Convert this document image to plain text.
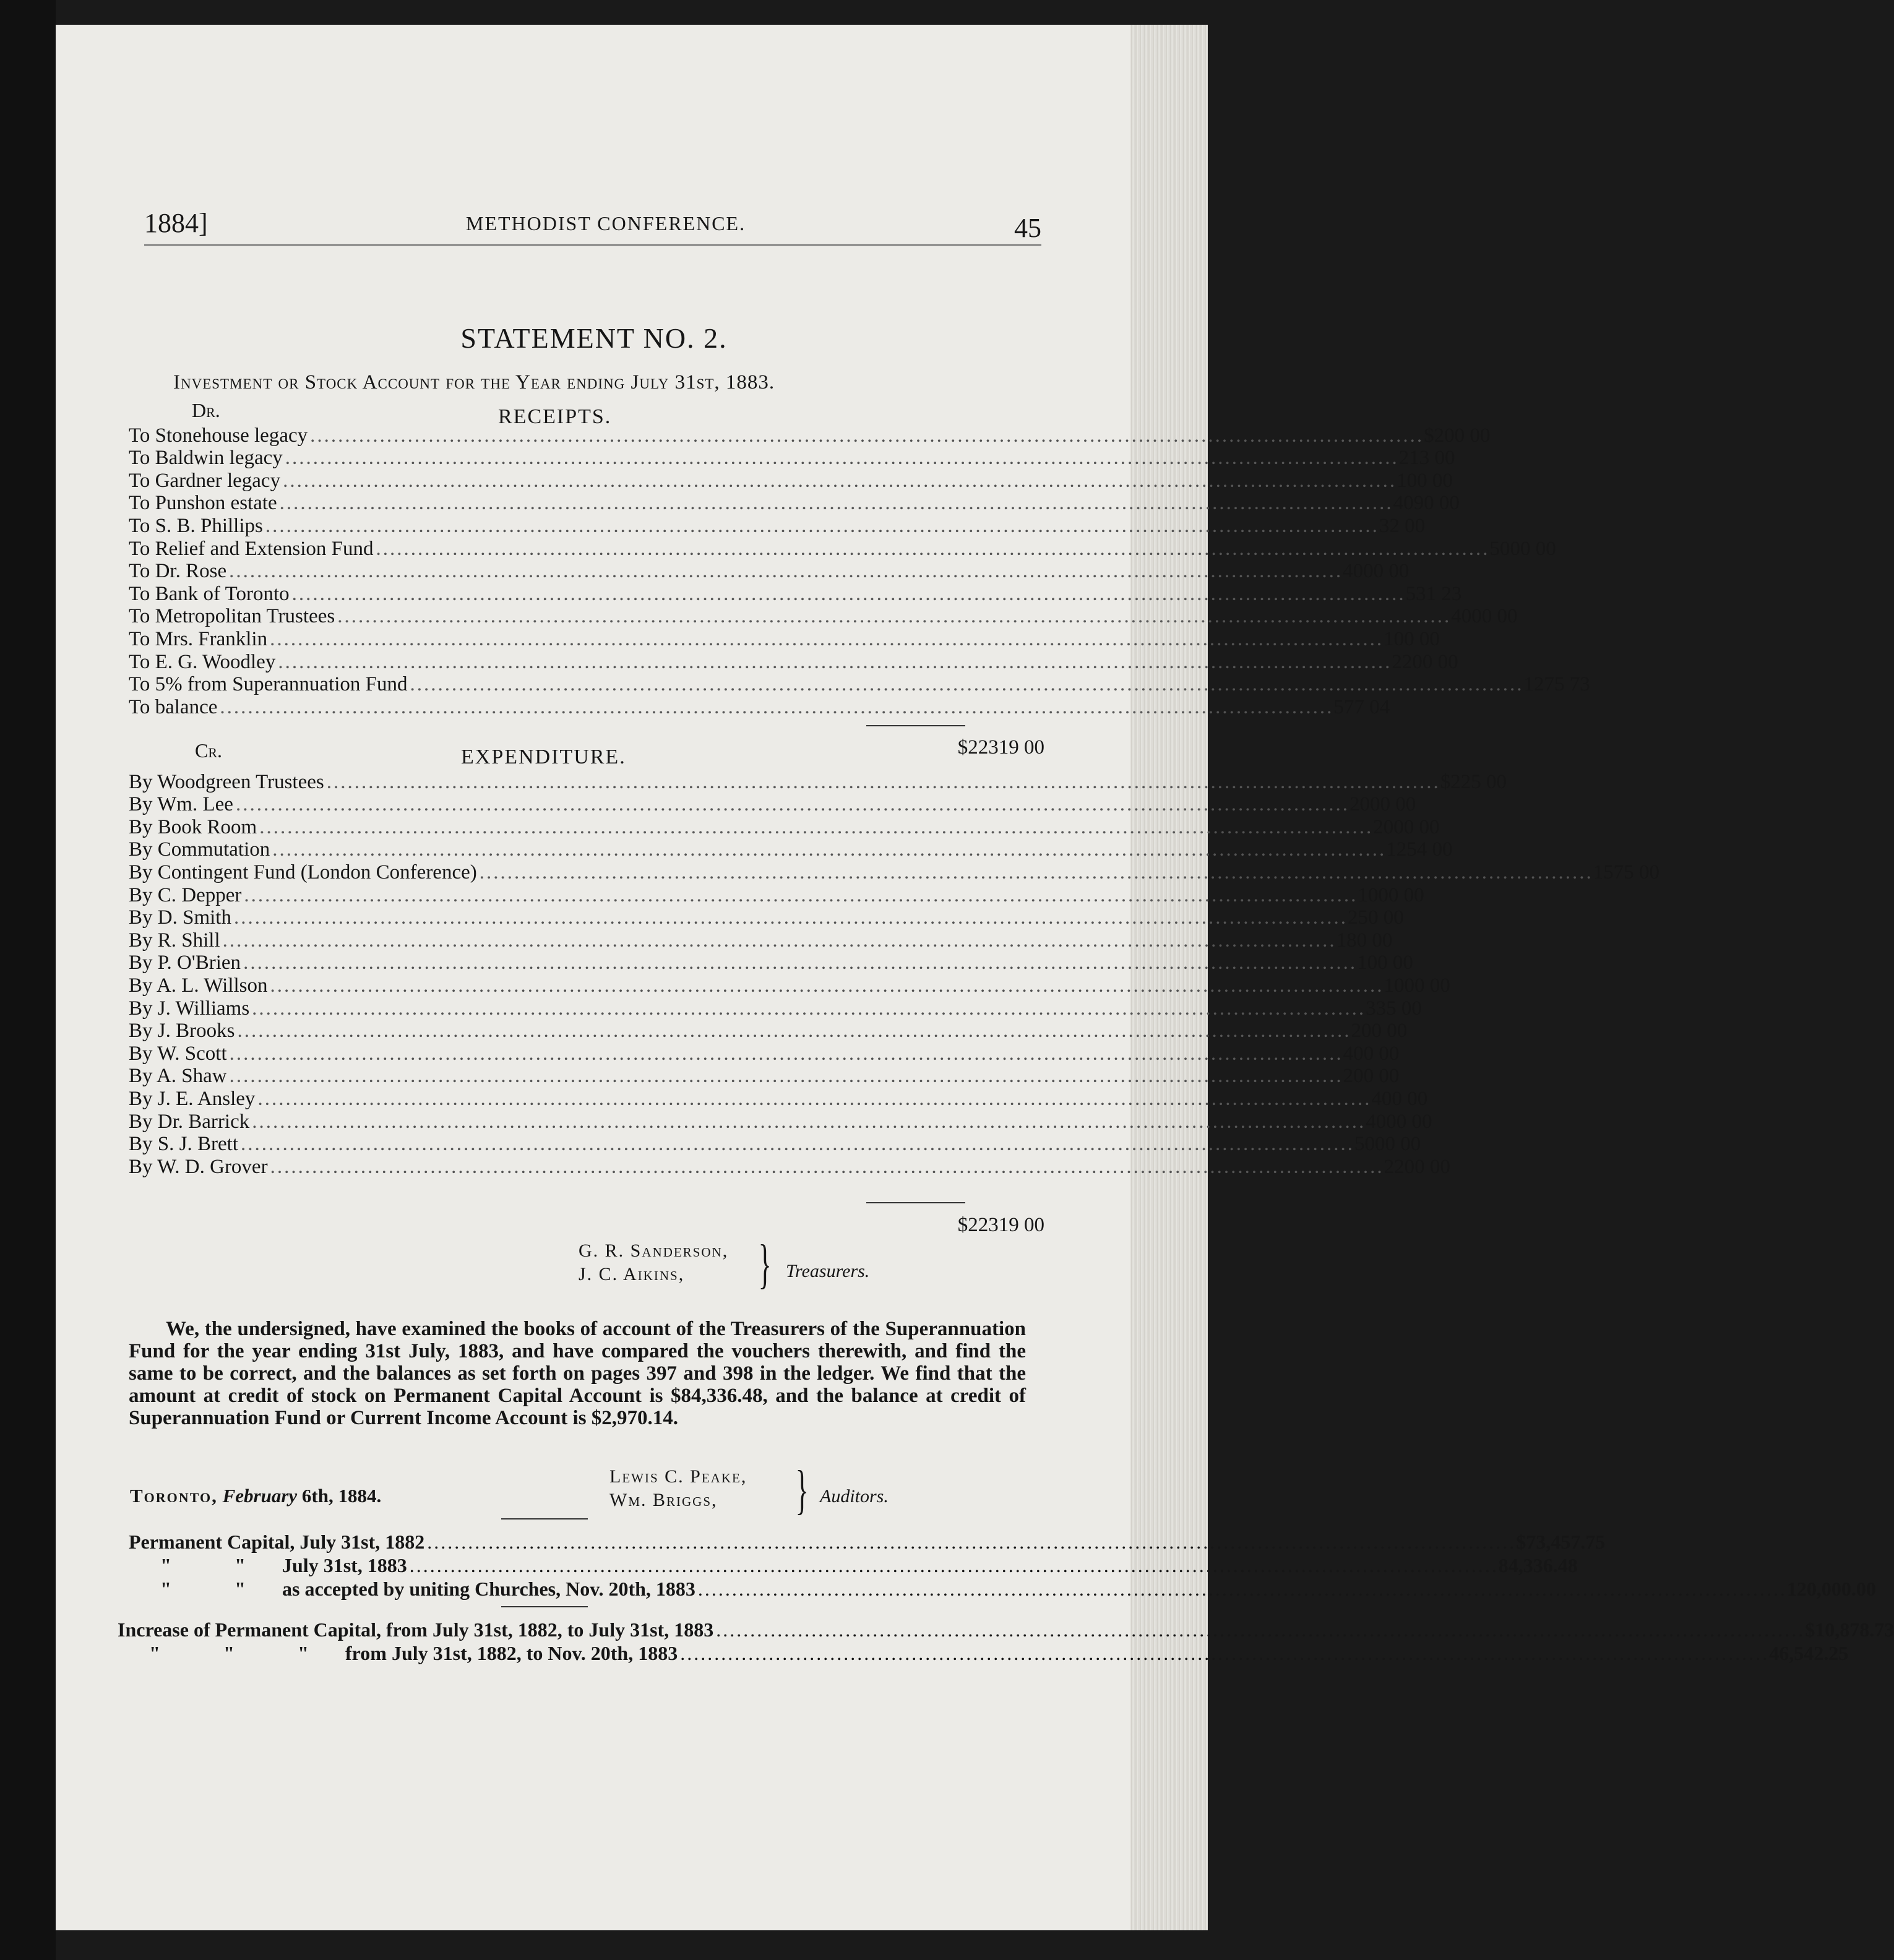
1884]	METHODIST CONFERENCE.	45
STATEMENT NO. 2.
Investment or Stock Account for the Year ending July 31st, 1883.
Dr.	RECEIPTS.
To Stonehouse legacy ................................................................................................................................................................ $200 00
To Baldwin legacy ................................................................................................................................................................ 213 00
To Gardner legacy ................................................................................................................................................................ 100 00
To Punshon estate ................................................................................................................................................................ 4090 00
To S. B. Phillips ................................................................................................................................................................ 32 00
To Relief and Extension Fund ................................................................................................................................................................ 5000 00
To Dr. Rose ................................................................................................................................................................ 4000 00
To Bank of Toronto ................................................................................................................................................................ 531 23
To Metropolitan Trustees ................................................................................................................................................................ 4000 00
To Mrs. Franklin ................................................................................................................................................................ 100 00
To E. G. Woodley ................................................................................................................................................................ 2200 00
To 5% from Superannuation Fund ................................................................................................................................................................ 1275 73
To balance ................................................................................................................................................................ 577 04
$22319 00
Cr.	EXPENDITURE.
By Woodgreen Trustees ................................................................................................................................................................ $225 00
By Wm. Lee ................................................................................................................................................................ 2000 00
By Book Room ................................................................................................................................................................ 2000 00
By Commutation ................................................................................................................................................................ 1254 00
By Contingent Fund (London Conference) ................................................................................................................................................................ 1575 00
By C. Depper ................................................................................................................................................................ 1000 00
By D. Smith ................................................................................................................................................................ 250 00
By R. Shill ................................................................................................................................................................ 180 00
By P. O'Brien ................................................................................................................................................................ 100 00
By A. L. Willson ................................................................................................................................................................ 1000 00
By J. Williams ................................................................................................................................................................ 335 00
By J. Brooks ................................................................................................................................................................ 200 00
By W. Scott ................................................................................................................................................................ 400 00
By A. Shaw ................................................................................................................................................................ 200 00
By J. E. Ansley ................................................................................................................................................................ 400 00
By Dr. Barrick ................................................................................................................................................................ 4000 00
By S. J. Brett ................................................................................................................................................................ 5000 00
By W. D. Grover ................................................................................................................................................................ 2200 00
$22319 00
G. R. Sanderson,
J. C. Aikins,	} Treasurers.
We, the undersigned, have examined the books of account of the Treasurers of the Superannuation Fund for the year ending 31st July, 1883, and have compared the vouchers therewith, and find the same to be correct, and the balances as set forth on pages 397 and 398 in the ledger. We find that the amount at credit of stock on Permanent Capital Account is $84,336.48, and the balance at credit of Superannuation Fund or Current Income Account is $2,970.14.
Toronto, February 6th, 1884.
Lewis C. Peake,
Wm. Briggs,	} Auditors.
Permanent Capital, July 31st, 1882 ................................................................................................................................................................ $73,457.75
"	" July 31st, 1883 ................................................................................................................................................................ 84,336.48
"	" as accepted by uniting Churches, Nov. 20th, 1883 ................................................................................................................................................................ 120,000.00
Increase of Permanent Capital, from July 31st, 1882, to July 31st, 1883 ................................................................................................................................................................ $10,878.73
"	"	" from July 31st, 1882, to Nov. 20th, 1883 ................................................................................................................................................................ 46,542.25
